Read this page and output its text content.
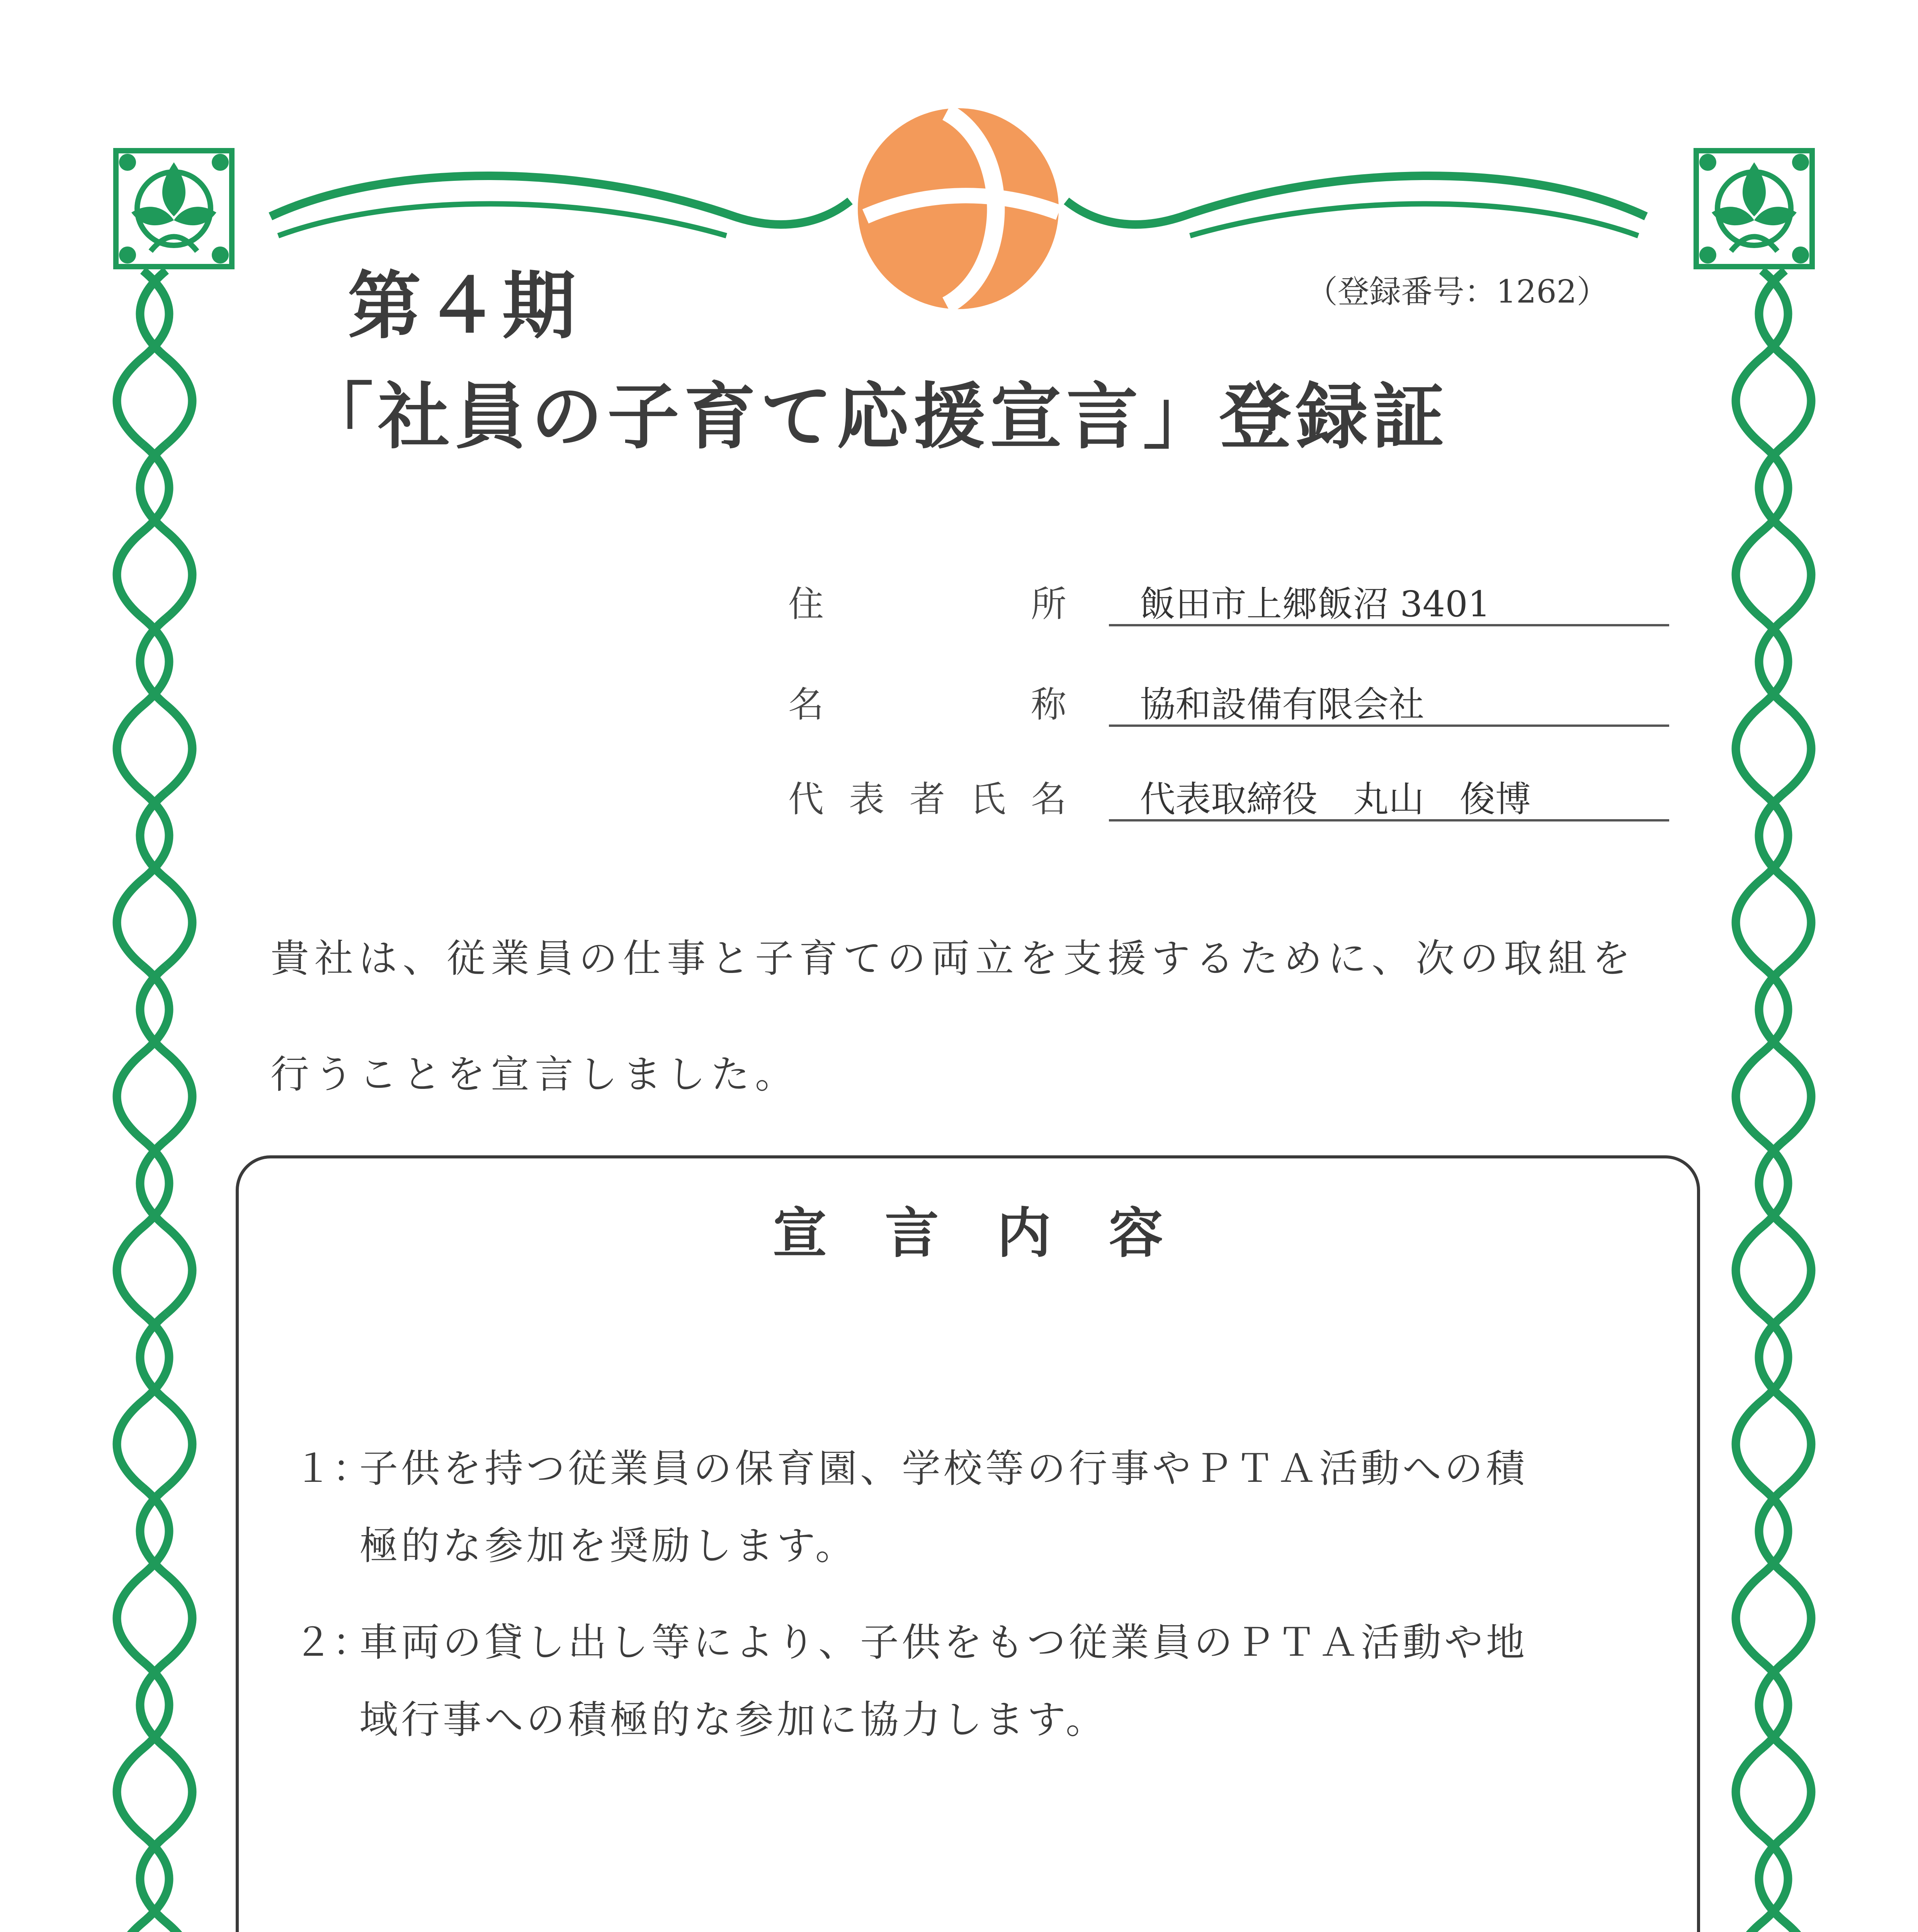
第４期	（登録番号：1262）
「社員の子育て応援宣言」登録証
住	所 飯田市上郷飯沼 3401
名	称 協和設備有限会社
代 表 者 氏 名 代表取締役　丸山　俊博
貴社は、従業員の仕事と子育ての両立を支援するために、次の取組を
行うことを宣言しました。
宣言内容
１：
子供を持つ従業員の保育園、学校等の行事やＰＴＡ活動への積
極的な参加を奨励します。
２：
車両の貸し出し等により、子供をもつ従業員のＰＴＡ活動や地
域行事への積極的な参加に協力します。
